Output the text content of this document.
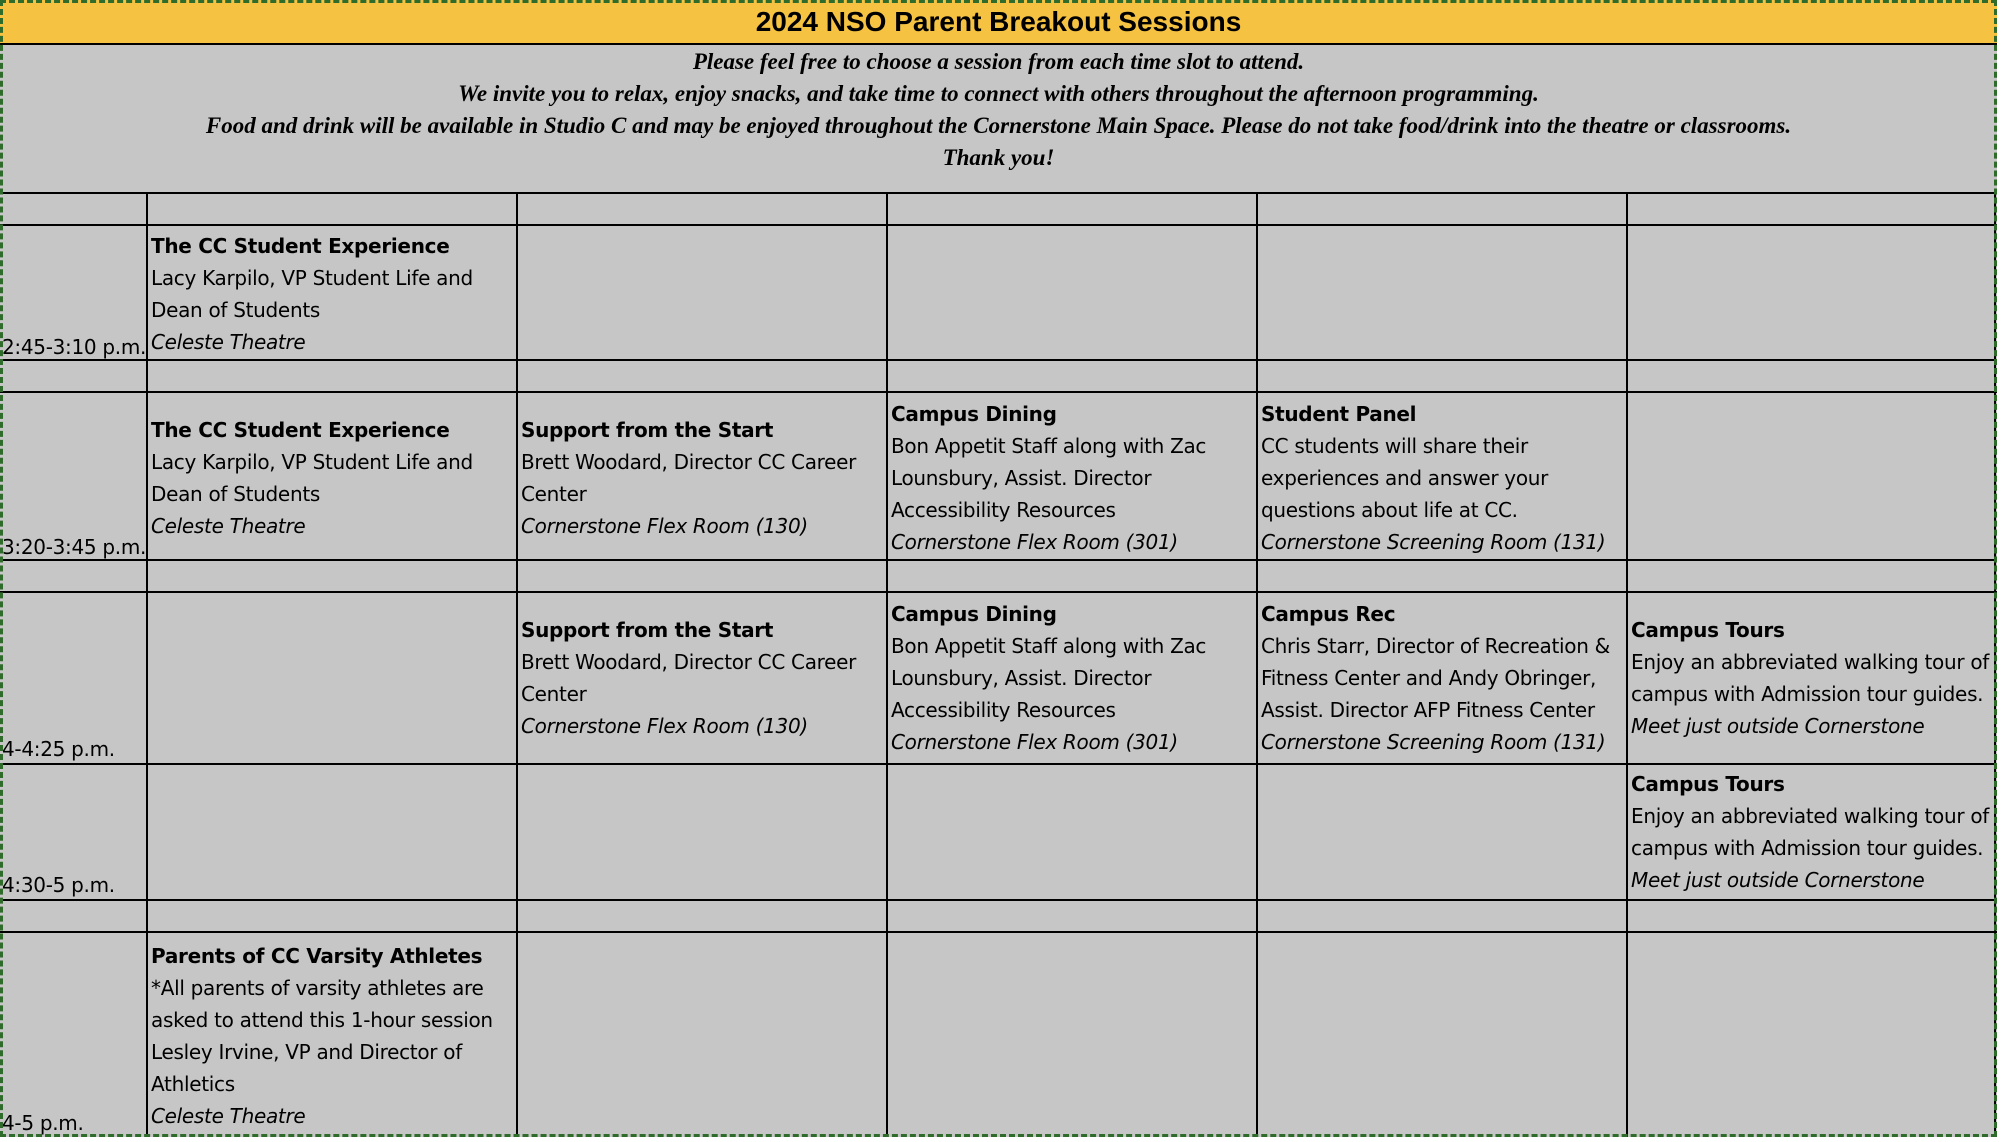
2024 NSO Parent Breakout Sessions
Please feel free to choose a session from each time slot to attend.
We invite you to relax, enjoy snacks, and take time to connect with others throughout the afternoon programming.
Food and drink will be available in Studio C and may be enjoyed throughout the Cornerstone Main Space. Please do not take food/drink into the theatre or classrooms.
Thank you!
2:45-3:10 p.m.
3:20-3:45 p.m.
4-4:25 p.m.
4:30-5 p.m.
4-5 p.m.
The CC Student Experience
Lacy Karpilo, VP Student Life and
Dean of Students
Celeste Theatre
The CC Student Experience
Lacy Karpilo, VP Student Life and
Dean of Students
Celeste Theatre
Support from the Start
Brett Woodard, Director CC Career
Center
Cornerstone Flex Room (130)
Campus Dining
Bon Appetit Staff along with Zac
Lounsbury, Assist. Director
Accessibility Resources
Cornerstone Flex Room (301)
Student Panel
CC students will share their
experiences and answer your
questions about life at CC.
Cornerstone Screening Room (131)
Support from the Start
Brett Woodard, Director CC Career
Center
Cornerstone Flex Room (130)
Campus Dining
Bon Appetit Staff along with Zac
Lounsbury, Assist. Director
Accessibility Resources
Cornerstone Flex Room (301)
Campus Rec
Chris Starr, Director of Recreation &
Fitness Center and Andy Obringer,
Assist. Director AFP Fitness Center
Cornerstone Screening Room (131)
Campus Tours
Enjoy an abbreviated walking tour of
campus with Admission tour guides.
Meet just outside Cornerstone
Campus Tours
Enjoy an abbreviated walking tour of
campus with Admission tour guides.
Meet just outside Cornerstone
Parents of CC Varsity Athletes
*All parents of varsity athletes are
asked to attend this 1-hour session
Lesley Irvine, VP and Director of
Athletics
Celeste Theatre
